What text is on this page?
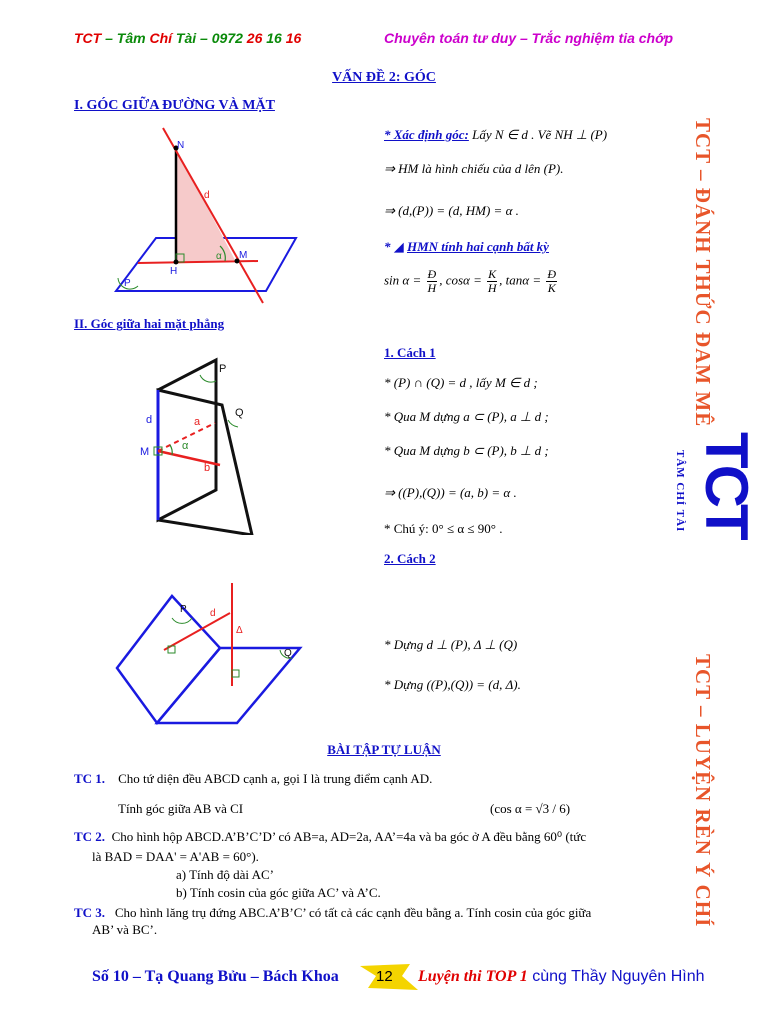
TCT – Tâm Chí Tài – 0972 26 16 16	Chuyên toán tư duy – Trắc nghiệm tia chớp
VẤN ĐỀ 2: GÓC
I. GÓC GIỮA ĐƯỜNG VÀ MẶT
N
d
H
M
α
P
* Xác định góc: Lấy N ∈ d . Vẽ NH ⊥ (P)
⇒ HM là hình chiếu của d lên (P).
⇒ (d,(P)) = (d, HM) = α .
* ◢ HMN tính hai cạnh bất kỳ
$\sin \alpha = \frac{Đ}{H}$ , $\cos\alpha = \frac{K}{H}$ , $\tan\alpha = \frac{Đ}{K}$
II. Góc giữa hai mặt phẳng
P
Q
d	a
α
M
b
1. Cách 1
* (P) ∩ (Q) = d , lấy M ∈ d ;
* Qua M dựng a ⊂ (P), a ⊥ d ;
* Qua M dựng b ⊂ (P), b ⊥ d ;
⇒ ((P),(Q)) = (a, b) = α .
* Chú ý: 0° ≤ α ≤ 90° .
2. Cách 2
P d
Δ
Q
* Dựng d ⊥ (P), Δ ⊥ (Q)
* Dựng ((P),(Q)) = (d, Δ).
BÀI TẬP TỰ LUẬN
TC 1. Cho tứ diện đều ABCD cạnh a, gọi I là trung điểm cạnh AD.
Tính góc giữa AB và CI	(cos α = √3 / 6)
TC 2. Cho hình hộp ABCD.A’B’C’D’ có AB=a, AD=2a, AA’=4a và ba góc ở A đều bằng 60⁰ (tức
là BAD = DAA' = A'AB = 60°).
a) Tính độ dài AC’
b) Tính cosin của góc giữa AC’ và A’C.
TC 3. Cho hình lăng trụ đứng ABC.A’B’C’ có tất cả các cạnh đều bằng a. Tính cosin của góc giữa
AB’ và BC’.
TCT – ĐÁNH THỨC ĐAM MÊ
TCT
TÂM CHÍ TÀI
TCT – LUYỆN RÈN Ý CHÍ
Số 10 – Tạ Quang Bửu – Bách Khoa 12 Luyện thi TOP 1 cùng Thầy Nguyên Hình
